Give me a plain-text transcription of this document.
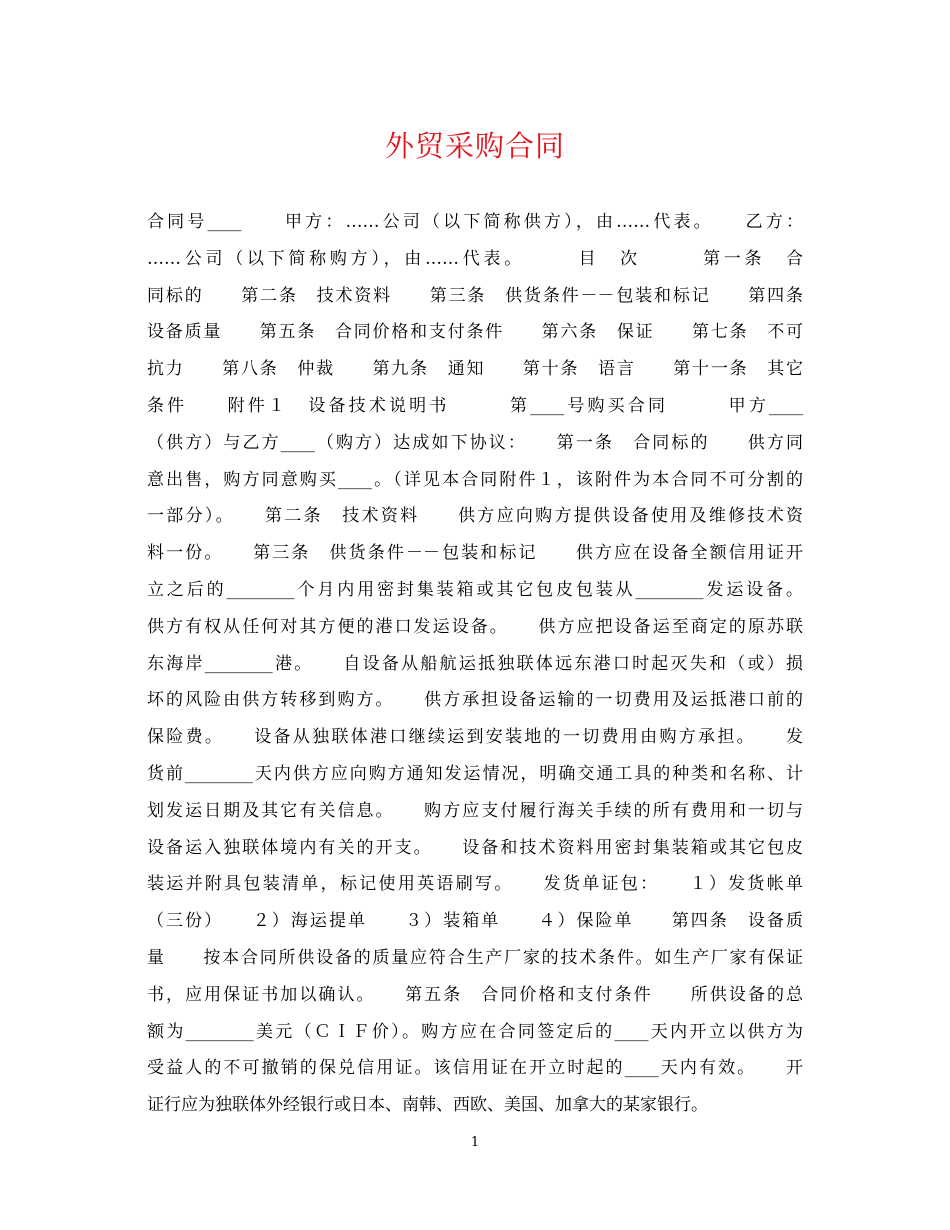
外贸采购合同
合同号____　　甲方：……公司（以下简称供方），由……代表。　　乙方：
……公司（以下简称购方），由……代表。　　　目　次　　　第一条　合
同标的　　第二条　技术资料　　第三条　供货条件－－包装和标记　　第四条
设备质量　　第五条　合同价格和支付条件　　第六条　保证　　第七条　不可
抗力　　第八条　仲裁　　第九条　通知　　第十条　语言　　第十一条　其它
条件　　附件１　设备技术说明书　　　第____号购买合同　　　甲方____
（供方）与乙方____（购方）达成如下协议：　　第一条　合同标的　　供方同
意出售，购方同意购买____。（详见本合同附件１，该附件为本合同不可分割的
一部分）。　　第二条　技术资料　　供方应向购方提供设备使用及维修技术资
料一份。　　第三条　供货条件－－包装和标记　　供方应在设备全额信用证开
立之后的________个月内用密封集装箱或其它包皮包装从________发运设备。
供方有权从任何对其方便的港口发运设备。　　供方应把设备运至商定的原苏联
东海岸________港。　　自设备从船航运抵独联体远东港口时起灭失和（或）损
坏的风险由供方转移到购方。　　供方承担设备运输的一切费用及运抵港口前的
保险费。　　设备从独联体港口继续运到安装地的一切费用由购方承担。　　发
货前________天内供方应向购方通知发运情况，明确交通工具的种类和名称、计
划发运日期及其它有关信息。　　购方应支付履行海关手续的所有费用和一切与
设备运入独联体境内有关的开支。　　设备和技术资料用密封集装箱或其它包皮
装运并附具包装清单，标记使用英语刷写。　　发货单证包：　　１）发货帐单
（三份）　　２）海运提单　　３）装箱单　　４）保险单　　第四条　设备质
量　　按本合同所供设备的质量应符合生产厂家的技术条件。如生产厂家有保证
书，应用保证书加以确认。　　第五条　合同价格和支付条件　　所供设备的总
额为________美元（ＣＩＦ价）。购方应在合同签定后的____天内开立以供方为
受益人的不可撤销的保兑信用证。该信用证在开立时起的____天内有效。　　开
证行应为独联体外经银行或日本、南韩、西欧、美国、加拿大的某家银行。
1
